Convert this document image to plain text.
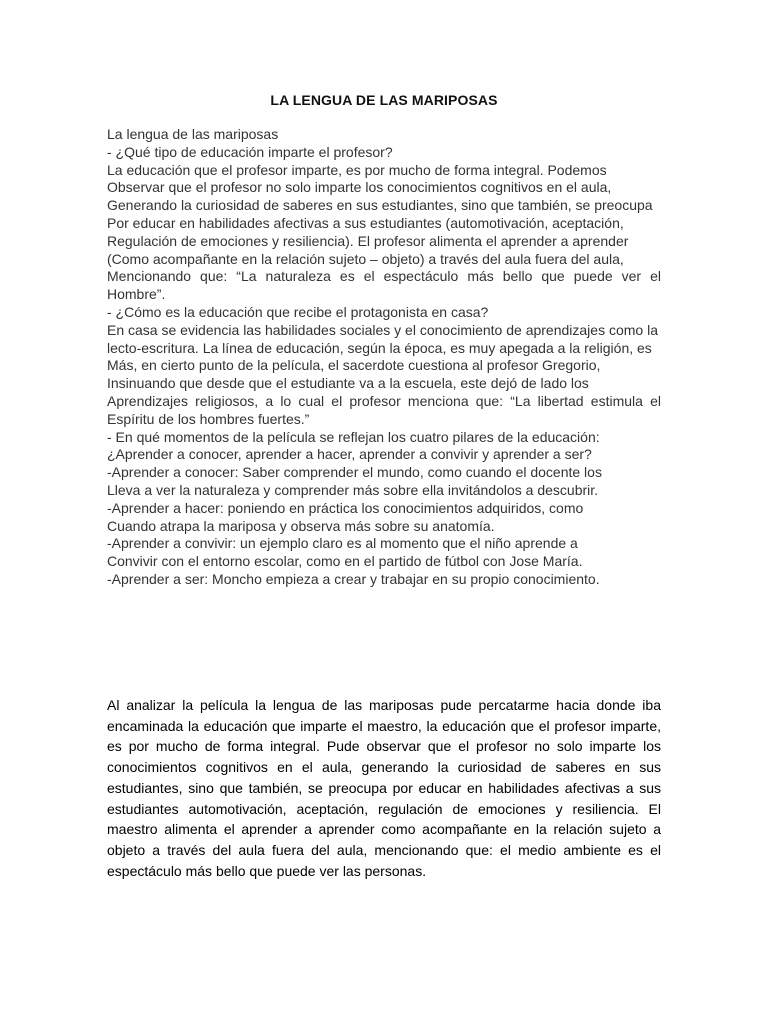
LA LENGUA DE LAS MARIPOSAS
La lengua de las mariposas
- ¿Qué tipo de educación imparte el profesor?
La educación que el profesor imparte, es por mucho de forma integral. Podemos
Observar que el profesor no solo imparte los conocimientos cognitivos en el aula,
Generando la curiosidad de saberes en sus estudiantes, sino que también, se preocupa
Por educar en habilidades afectivas a sus estudiantes (automotivación, aceptación,
Regulación de emociones y resiliencia). El profesor alimenta el aprender a aprender
(Como acompañante en la relación sujeto – objeto) a través del aula fuera del aula,
Mencionando que: “La naturaleza es el espectáculo más bello que puede ver el Hombre”.
- ¿Cómo es la educación que recibe el protagonista en casa?
En casa se evidencia las habilidades sociales y el conocimiento de aprendizajes como la
lecto-escritura. La línea de educación, según la época, es muy apegada a la religión, es
Más, en cierto punto de la película, el sacerdote cuestiona al profesor Gregorio,
Insinuando que desde que el estudiante va a la escuela, este dejó de lado los
Aprendizajes religiosos, a lo cual el profesor menciona que: “La libertad estimula el Espíritu de los hombres fuertes.”
- En qué momentos de la película se reflejan los cuatro pilares de la educación:
¿Aprender a conocer, aprender a hacer, aprender a convivir y aprender a ser?
-Aprender a conocer: Saber comprender el mundo, como cuando el docente los
Lleva a ver la naturaleza y comprender más sobre ella invitándolos a descubrir.
-Aprender a hacer: poniendo en práctica los conocimientos adquiridos, como
Cuando atrapa la mariposa y observa más sobre su anatomía.
-Aprender a convivir: un ejemplo claro es al momento que el niño aprende a
Convivir con el entorno escolar, como en el partido de fútbol con Jose María.
-Aprender a ser: Moncho empieza a crear y trabajar en su propio conocimiento.
Al analizar la película la lengua de las mariposas pude percatarme hacia donde iba encaminada la educación que imparte el maestro, la educación que el profesor imparte, es por mucho de forma integral. Pude observar que el profesor no solo imparte los conocimientos cognitivos en el aula, generando la curiosidad de saberes en sus estudiantes, sino que también, se preocupa por educar en habilidades afectivas a sus estudiantes automotivación, aceptación, regulación de emociones y resiliencia. El maestro alimenta el aprender a aprender como acompañante en la relación sujeto a objeto a través del aula fuera del aula, mencionando que: el medio ambiente es el espectáculo más bello que puede ver las personas.
